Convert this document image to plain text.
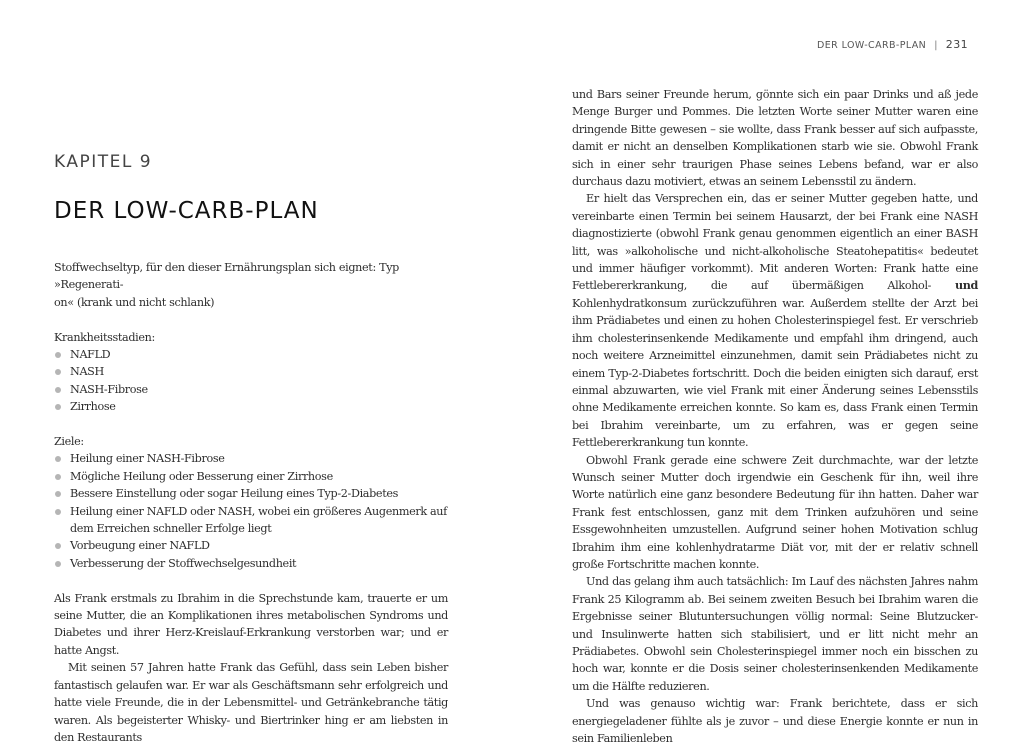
KAPITEL 9
DER LOW-CARB-PLAN

Stoffwechseltyp, für den dieser Ernährungsplan sich eignet: Typ »Regenerati-

on« (krank und nicht schlank)

Krankheitsstadien:

NAFLD
NASH
NASH-Fibrose
Zirrhose

Ziele:

Heilung einer NASH-Fibrose
Mögliche Heilung oder Besserung einer Zirrhose
Bessere Einstellung oder sogar Heilung eines Typ-2-Diabetes
Heilung einer NAFLD oder NASH, wobei ein größeres Augenmerk auf dem Erreichen schneller Erfolge liegt
Vorbeugung einer NAFLD
Verbesserung der Stoffwechselgesundheit

Als Frank erstmals zu Ibrahim in die Sprechstunde kam, trauerte er um seine Mutter, die an Komplikationen ihres metabolischen Syndroms und Diabetes und ihrer Herz-Kreislauf-Erkrankung verstorben war; und er hatte Angst.

Mit seinen 57 Jahren hatte Frank das Gefühl, dass sein Leben bisher fantastisch gelaufen war. Er war als Geschäftsmann sehr erfolgreich und hatte viele Freunde, die in der Lebensmittel- und Getränkebranche tätig waren. Als begeisterter Whisky- und Biertrinker hing er am liebsten in den Restaurants

DER LOW-CARB-PLAN | 231

und Bars seiner Freunde herum, gönnte sich ein paar Drinks und aß jede Menge Burger und Pommes. Die letzten Worte seiner Mutter waren eine dringende Bitte gewesen – sie wollte, dass Frank besser auf sich aufpasste, damit er nicht an denselben Komplikationen starb wie sie. Obwohl Frank sich in einer sehr traurigen Phase seines Lebens befand, war er also durchaus dazu motiviert, etwas an seinem Lebensstil zu ändern.

Er hielt das Versprechen ein, das er seiner Mutter gegeben hatte, und vereinbarte einen Termin bei seinem Hausarzt, der bei Frank eine NASH diagnostizierte (obwohl Frank genau genommen eigentlich an einer BASH litt, was »alkoholische und nicht-alkoholische Steatohepatitis« bedeutet und immer häufiger vorkommt). Mit anderen Worten: Frank hatte eine Fettlebererkrankung, die auf übermäßigen Alkohol- und Kohlenhydratkonsum zurückzuführen war. Außerdem stellte der Arzt bei ihm Prädiabetes und einen zu hohen Cholesterinspiegel fest. Er verschrieb ihm cholesterinsenkende Medikamente und empfahl ihm dringend, auch noch weitere Arzneimittel einzunehmen, damit sein Prädiabetes nicht zu einem Typ-2-Diabetes fortschritt. Doch die beiden einigten sich darauf, erst einmal abzuwarten, wie viel Frank mit einer Änderung seines Lebensstils ohne Medikamente erreichen konnte. So kam es, dass Frank einen Termin bei Ibrahim vereinbarte, um zu erfahren, was er gegen seine Fettlebererkrankung tun konnte.

Obwohl Frank gerade eine schwere Zeit durchmachte, war der letzte Wunsch seiner Mutter doch irgendwie ein Geschenk für ihn, weil ihre Worte natürlich eine ganz besondere Bedeutung für ihn hatten. Daher war Frank fest entschlossen, ganz mit dem Trinken aufzuhören und seine Essgewohnheiten umzustellen. Aufgrund seiner hohen Motivation schlug Ibrahim ihm eine kohlenhydratarme Diät vor, mit der er relativ schnell große Fortschritte machen konnte.

Und das gelang ihm auch tatsächlich: Im Lauf des nächsten Jahres nahm Frank 25 Kilogramm ab. Bei seinem zweiten Besuch bei Ibrahim waren die Ergebnisse seiner Blutuntersuchungen völlig normal: Seine Blutzucker- und Insulinwerte hatten sich stabilisiert, und er litt nicht mehr an Prädiabetes. Obwohl sein Cholesterinspiegel immer noch ein bisschen zu hoch war, konnte er die Dosis seiner cholesterinsenkenden Medikamente um die Hälfte reduzieren.

Und was genauso wichtig war: Frank berichtete, dass er sich energiegeladener fühlte als je zuvor – und diese Energie konnte er nun in sein Familienleben
